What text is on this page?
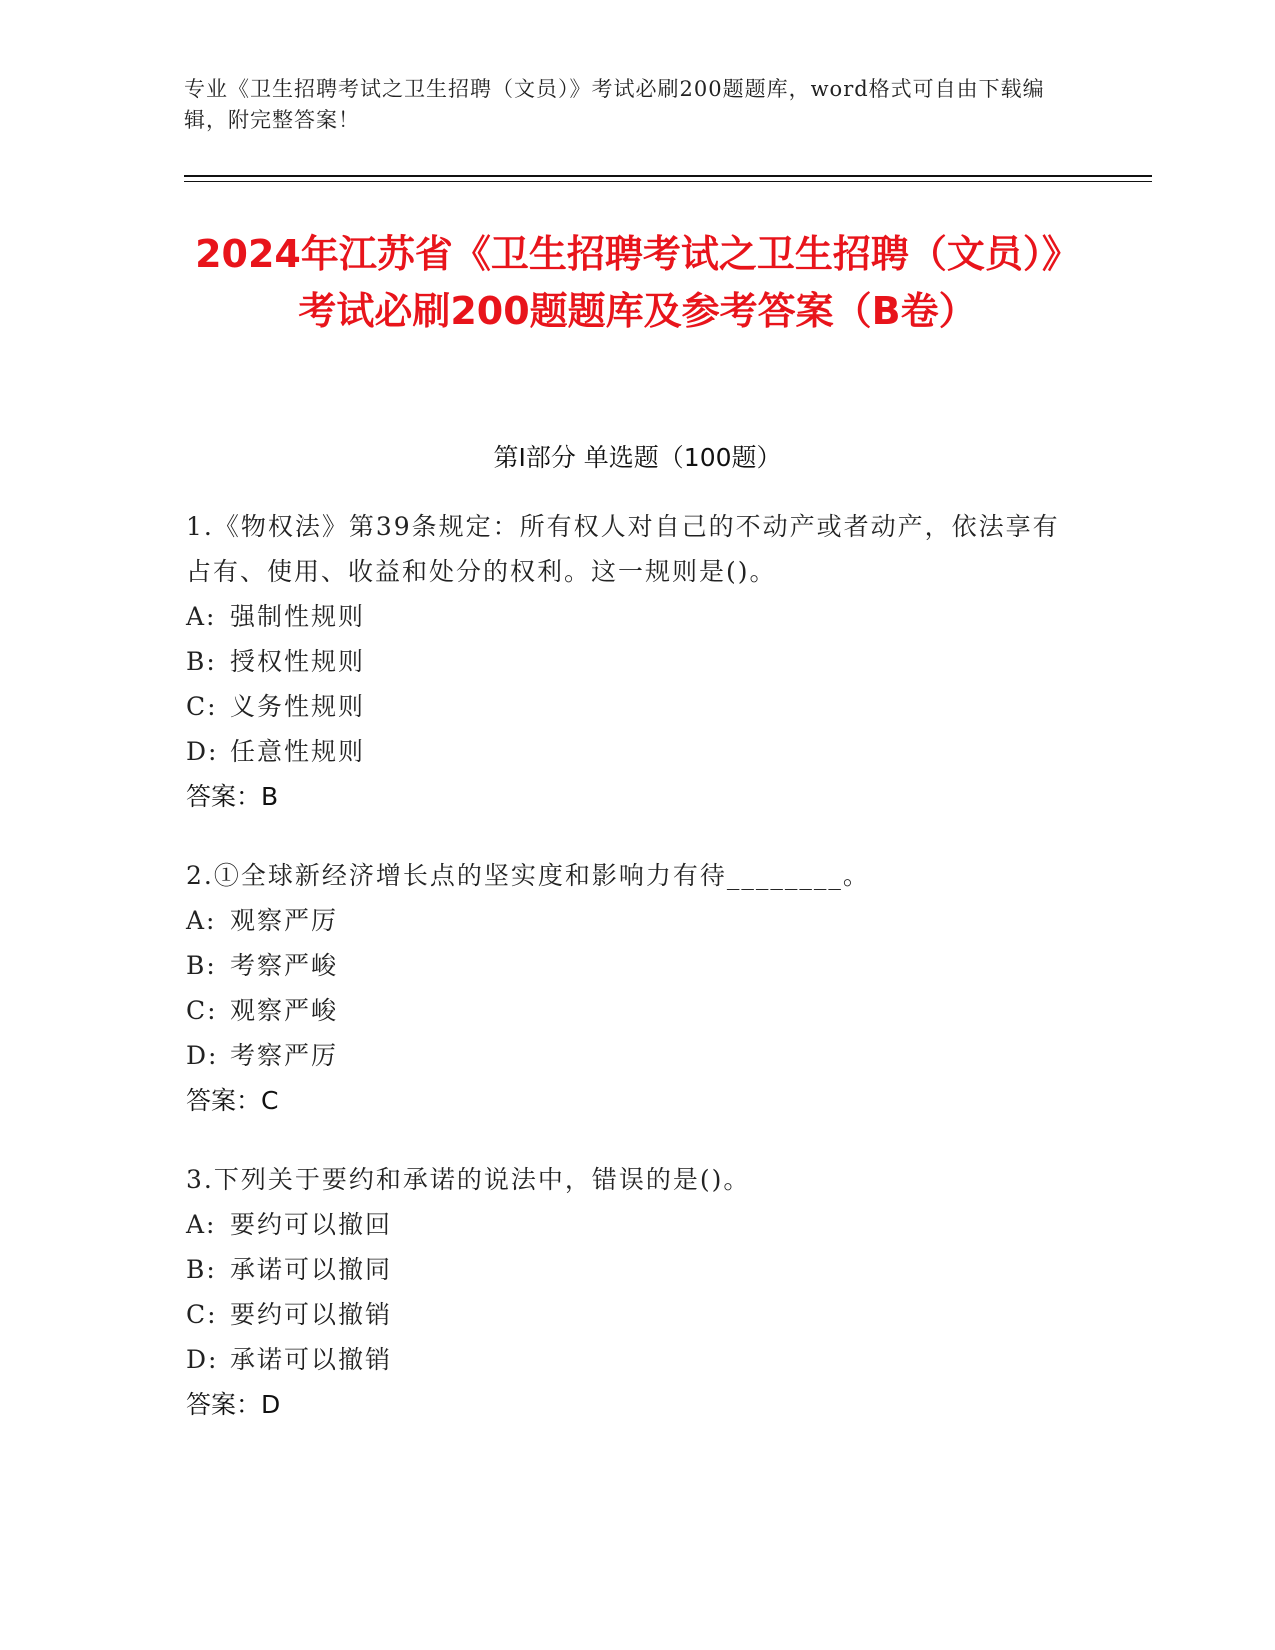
专业《卫生招聘考试之卫生招聘（文员）》考试必刷200题题库，word格式可自由下载编辑，附完整答案！
2024年江苏省《卫生招聘考试之卫生招聘（文员）》考试必刷200题题库及参考答案（B卷）
第Ⅰ部分 单选题（100题）

1.《物权法》第39条规定：所有权人对自己的不动产或者动产，依法享有占有、使用、收益和处分的权利。这一规则是()。

A: 强制性规则
B: 授权性规则
C: 义务性规则
D: 任意性规则
答案：B

2.①全球新经济增长点的坚实度和影响力有待________。

A: 观察严厉
B: 考察严峻
C: 观察严峻
D: 考察严厉
答案：C

3.下列关于要约和承诺的说法中，错误的是()。

A: 要约可以撤回
B: 承诺可以撤同
C: 要约可以撤销
D: 承诺可以撤销
答案：D
